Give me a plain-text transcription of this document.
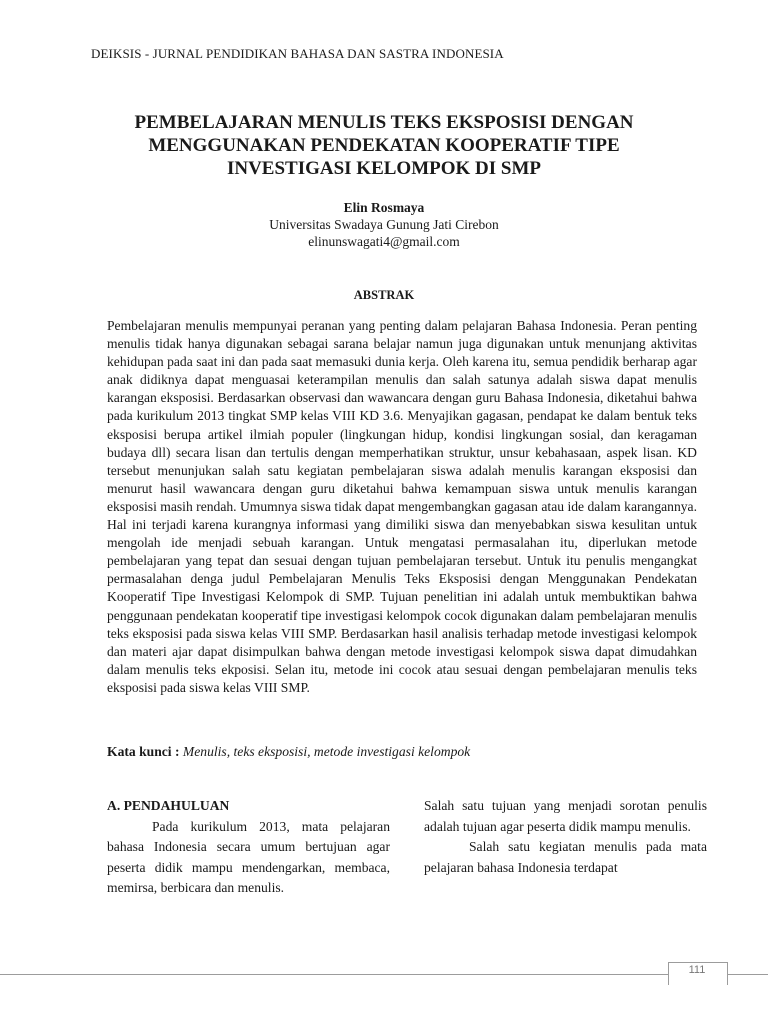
DEIKSIS - JURNAL PENDIDIKAN BAHASA DAN SASTRA INDONESIA
PEMBELAJARAN MENULIS TEKS EKSPOSISI DENGAN
MENGGUNAKAN PENDEKATAN KOOPERATIF TIPE
INVESTIGASI KELOMPOK DI SMP
Elin Rosmaya
Universitas Swadaya Gunung Jati Cirebon
elinunswagati4@gmail.com
ABSTRAK

Pembelajaran menulis mempunyai peranan yang penting dalam pelajaran Bahasa Indonesia. Peran penting menulis tidak hanya digunakan sebagai sarana belajar namun juga digunakan untuk menunjang aktivitas kehidupan pada saat ini dan pada saat memasuki dunia kerja. Oleh karena itu, semua pendidik berharap agar anak didiknya dapat menguasai keterampilan menulis dan salah satunya adalah siswa dapat menulis karangan eksposisi. Berdasarkan observasi dan wawancara dengan guru Bahasa Indonesia, diketahui bahwa pada kurikulum 2013 tingkat SMP kelas VIII KD 3.6. Menyajikan gagasan, pendapat ke dalam bentuk teks eksposisi berupa artikel ilmiah populer (lingkungan hidup, kondisi lingkungan sosial, dan keragaman budaya dll) secara lisan dan tertulis dengan memperhatikan struktur, unsur kebahasaan, aspek lisan. KD tersebut menunjukan salah satu kegiatan pembelajaran siswa adalah menulis karangan eksposisi dan menurut hasil wawancara dengan guru diketahui bahwa kemampuan siswa untuk menulis karangan eksposisi masih rendah. Umumnya siswa tidak dapat mengembangkan gagasan atau ide dalam karangannya. Hal ini terjadi karena kurangnya informasi yang dimiliki siswa dan menyebabkan siswa kesulitan untuk mengolah ide menjadi sebuah karangan. Untuk mengatasi permasalahan itu, diperlukan metode pembelajaran yang tepat dan sesuai dengan tujuan pembelajaran tersebut. Untuk itu penulis mengangkat permasalahan denga judul Pembelajaran Menulis Teks Eksposisi dengan Menggunakan Pendekatan Kooperatif Tipe Investigasi Kelompok di SMP. Tujuan penelitian ini adalah untuk membuktikan bahwa penggunaan pendekatan kooperatif tipe investigasi kelompok cocok digunakan dalam pembelajaran menulis teks eksposisi pada siswa kelas VIII SMP. Berdasarkan hasil analisis terhadap metode investigasi kelompok dan materi ajar dapat disimpulkan bahwa dengan metode investigasi kelompok siswa dapat dimudahkan dalam menulis teks ekposisi. Selan itu, metode ini cocok atau sesuai dengan pembelajaran menulis teks eksposisi pada siswa kelas VIII SMP.

Kata kunci : Menulis, teks eksposisi, metode investigasi kelompok
A. PENDAHULUAN

Pada kurikulum 2013, mata pelajaran bahasa Indonesia secara umum bertujuan agar peserta didik mampu mendengarkan, membaca, memirsa, berbicara dan menulis.

Salah satu tujuan yang menjadi sorotan penulis adalah tujuan agar peserta didik mampu menulis.

Salah satu kegiatan menulis pada mata pelajaran bahasa Indonesia terdapat

111
